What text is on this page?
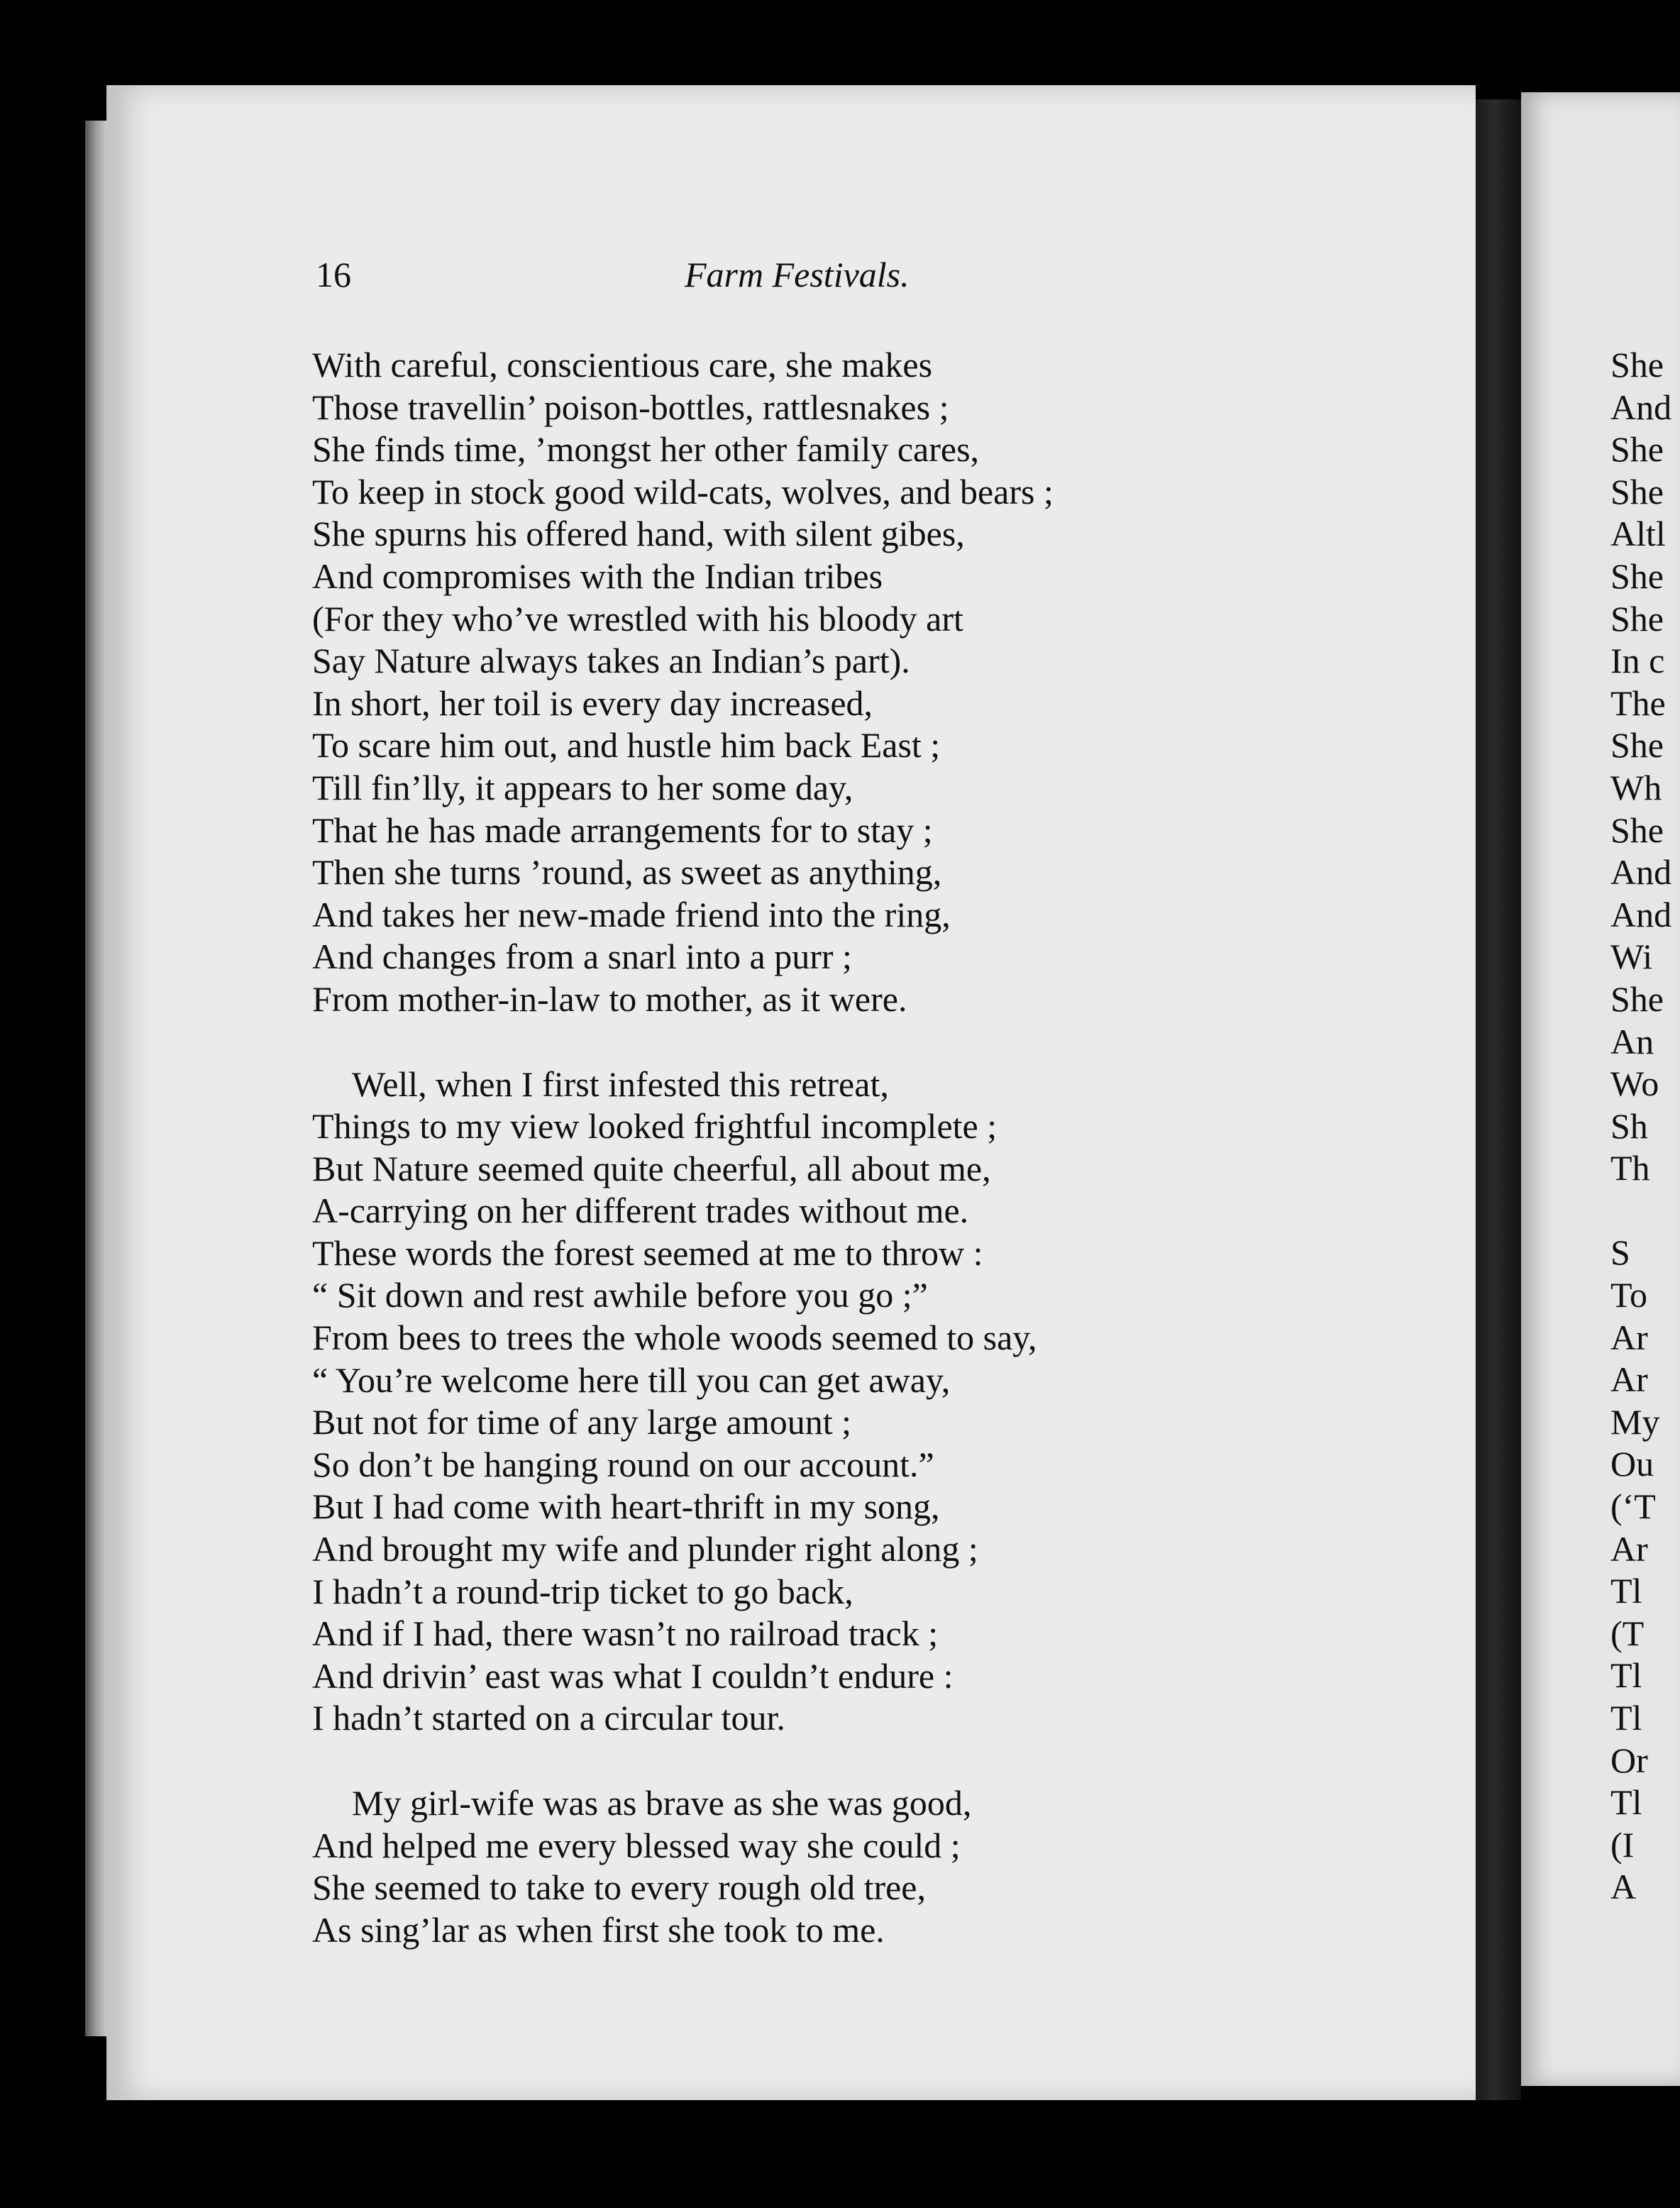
16	Farm Festivals.
With careful, conscientious care, she makes
Those travellin’ poison-bottles, rattlesnakes ;
She finds time, ’mongst her other family cares,
To keep in stock good wild-cats, wolves, and bears ;
She spurns his offered hand, with silent gibes,
And compromises with the Indian tribes
(For they who’ve wrestled with his bloody art
Say Nature always takes an Indian’s part).
In short, her toil is every day increased,
To scare him out, and hustle him back East ;
Till fin’lly, it appears to her some day,
That he has made arrangements for to stay ;
Then she turns ’round, as sweet as anything,
And takes her new-made friend into the ring,
And changes from a snarl into a purr ;
From mother-in-law to mother, as it were.
Well, when I first infested this retreat,
Things to my view looked frightful incomplete ;
But Nature seemed quite cheerful, all about me,
A-carrying on her different trades without me.
These words the forest seemed at me to throw :
“ Sit down and rest awhile before you go ;”
From bees to trees the whole woods seemed to say,
“ You’re welcome here till you can get away,
But not for time of any large amount ;
So don’t be hanging round on our account.”
But I had come with heart-thrift in my song,
And brought my wife and plunder right along ;
I hadn’t a round-trip ticket to go back,
And if I had, there wasn’t no railroad track ;
And drivin’ east was what I couldn’t endure :
I hadn’t started on a circular tour.
My girl-wife was as brave as she was good,
And helped me every blessed way she could ;
She seemed to take to every rough old tree,
As sing’lar as when first she took to me.
She
And
She
She
Altl
She
She
In c
The
She
Wh
She
And
And
Wi
She
An
Wo
Sh
Th

S
To
Ar
Ar
My
Ou
(‘T
Ar
Tl
(T
Tl
Tl
Or
Tl
(I
A
